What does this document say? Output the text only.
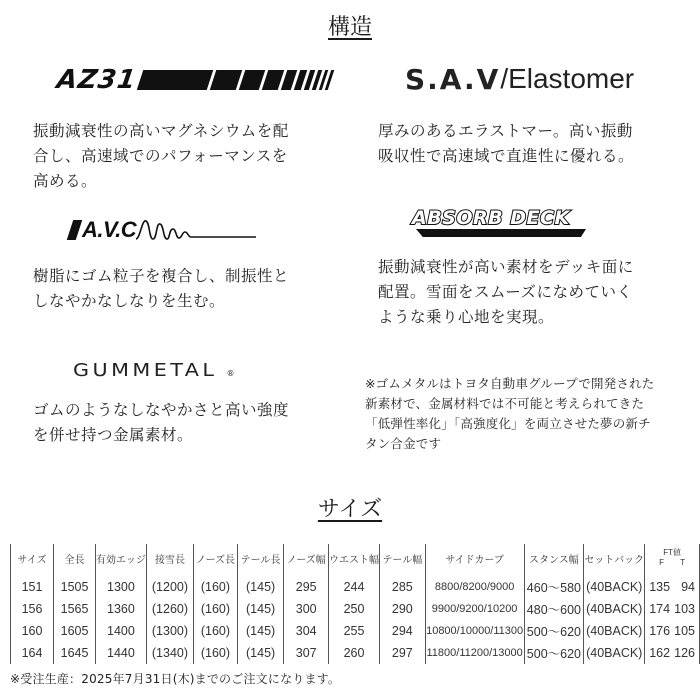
構造
AZ31
振動減衰性の高いマグネシウムを配
合し、高速域でのパフォーマンスを
高める。
S.A.V /Elastomer
厚みのあるエラストマー。高い振動
吸収性で高速域で直進性に優れる。
A.V.C
樹脂にゴム粒子を複合し、制振性と
しなやかなしなりを生む。
ABSORB DECK
振動減衰性が高い素材をデッキ面に
配置。雪面をスムーズになめていく
ような乗り心地を実現。
GUMMETAL ®
ゴムのようなしなやかさと高い強度
を併せ持つ金属素材。
※ゴムメタルはトヨタ自動車グループで開発された
新素材で、金属材料では不可能と考えられてきた
「低弾性率化」「高強度化」を両立させた夢の新チ
タン合金です
サイズ
サイズ	全長	有効エッジ	接雪長	ノーズ長	テール長	ノーズ幅	ウエスト幅	テール幅	サイドカーブ	スタンス幅	セットバック	FT値
F T

151	1505	1300	(1200)	(160)	(145)	295	244	285	8800/8200/9000	460～580	(40BACK)	135 94

156	1565	1360	(1260)	(160)	(145)	300	250	290	9900/9200/10200	480～600	(40BACK)	174 103

160	1605	1400	(1300)	(160)	(145)	304	255	294	10800/10000/11300	500～620	(40BACK)	176 105

164	1645	1440	(1340)	(160)	(145)	307	260	297	11800/11200/13000	500～620	(40BACK)	162 126
※受注生産：2025年7月31日(木)までのご注文になります。
